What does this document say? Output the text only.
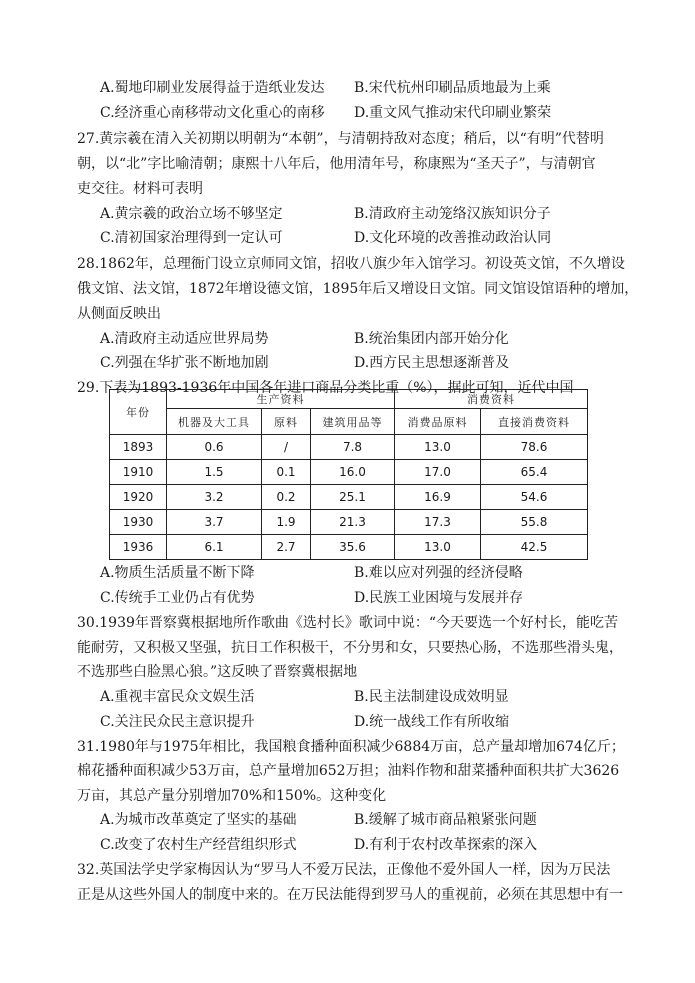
A.蜀地印刷业发展得益于造纸业发达 B.宋代杭州印刷品质地最为上乘
C.经济重心南移带动文化重心的南移 D.重文风气推动宋代印刷业繁荣
27.黄宗羲在清入关初期以明朝为“本朝”，与清朝持敌对态度；稍后，以“有明”代替明
朝，以“北”字比喻清朝；康熙十八年后，他用清年号，称康熙为“圣天子”，与清朝官
吏交往。材料可表明
A.黄宗羲的政治立场不够坚定	B.清政府主动笼络汉族知识分子
C.清初国家治理得到一定认可	D.文化环境的改善推动政治认同
28.1862年，总理衙门设立京师同文馆，招收八旗少年入馆学习。初设英文馆，不久增设
俄文馆、法文馆，1872年增设德文馆，1895年后又增设日文馆。同文馆设馆语种的增加，
从侧面反映出
A.清政府主动适应世界局势	B.统治集团内部开始分化
C.列强在华扩张不断地加剧	D.西方民主思想逐渐普及
29.下表为1893-1936年中国各年进口商品分类比重（%），据此可知，近代中国
年份	生产资料			消费资料	
	机器及大工具	原料	建筑用品等	消费品原料	直接消费资料
1893	0.6	/	7.8	13.0	78.6
1910	1.5	0.1	16.0	17.0	65.4
1920	3.2	0.2	25.1	16.9	54.6
1930	3.7	1.9	21.3	17.3	55.8
1936	6.1	2.7	35.6	13.0	42.5
A.物质生活质量不断下降	B.难以应对列强的经济侵略
C.传统手工业仍占有优势	D.民族工业困境与发展并存
30.1939年晋察冀根据地所作歌曲《选村长》歌词中说：“今天要选一个好村长，能吃苦
能耐劳，又积极又坚强，抗日工作积极干，不分男和女，只要热心肠，不选那些滑头鬼，
不选那些白脸黑心狼。”这反映了晋察冀根据地
A.重视丰富民众文娱生活	B.民主法制建设成效明显
C.关注民众民主意识提升	D.统一战线工作有所收缩
31.1980年与1975年相比，我国粮食播种面积减少6884万亩，总产量却增加674亿斤；
棉花播种面积减少53万亩，总产量增加652万担；油料作物和甜菜播种面积共扩大3626
万亩，其总产量分别增加70%和150%。这种变化
A.为城市改革奠定了坚实的基础	B.缓解了城市商品粮紧张问题
C.改变了农村生产经营组织形式	D.有利于农村改革探索的深入
32.英国法学史学家梅因认为“罗马人不爱万民法，正像他不爱外国人一样，因为万民法
正是从这些外国人的制度中来的。在万民法能得到罗马人的重视前，必须在其思想中有一
